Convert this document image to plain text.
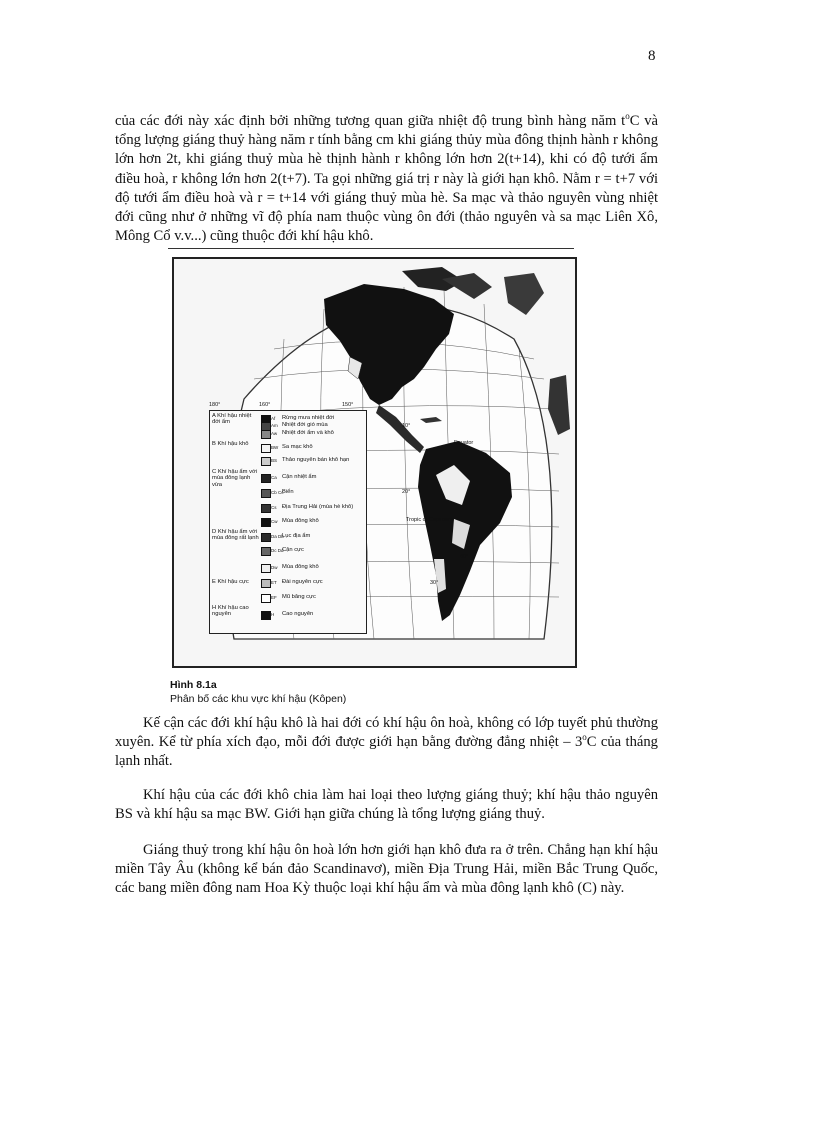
8

của các đới này xác định bởi những tương quan giữa nhiệt độ trung bình hàng năm $t^oC$ và tổng lượng giáng thuỷ hàng năm r tính bằng cm khi giáng thủy mùa đông thịnh hành r không lớn hơn 2t, khi giáng thuỷ mùa hè thịnh hành r không lớn hơn 2(t+14), khi có độ tưới ẩm điều hoà, r không lớn hơn 2(t+7). Ta gọi những giá trị r này là giới hạn khô. Nằm r = t+7 với độ tưới ẩm điều hoà và r = t+14 với giáng thuỷ mùa hè. Sa mạc và thảo nguyên vùng nhiệt đới cũng như ở những vĩ độ phía nam thuộc vùng ôn đới (thảo nguyên và sa mạc Liên Xô, Mông Cổ v.v...) cũng thuộc đới khí hậu khô.

180°	160°	150°
10°
Equator
20°
Tropic of Capricorn
30°
40°
A Khí hậu nhiệt đới ẩm
B Khí hậu khô
C Khí hậu ẩm với mùa đông lạnh vừa
D Khí hậu ẩm với mùa đông rất lạnh
E Khí hậu cực
H Khí hậu cao nguyên
Af Rừng mưa nhiệt đới
Am Nhiệt đới gió mùa
Aw Nhiệt đới ẩm và khô
BW Sa mạc khô
BS Thảo nguyên bán khô hạn
Ca Cận nhiệt ẩm
Cb Cc
Biển
Cs Địa Trung Hải (mùa hè khô)
Cw Mùa đông khô
Da Db
Lục địa ẩm
Dc Dd
Cận cực
Dw Mùa đông khô
ET Đài nguyên cực
EF Mũ băng cực
H Cao nguyên
Hình 8.1a
Phân bố các khu vực khí hậu (Kôpen)

Kế cận các đới khí hậu khô là hai đới có khí hậu ôn hoà, không có lớp tuyết phủ thường xuyên. Kể từ phía xích đạo, mỗi đới được giới hạn bằng đường đẳng nhiệt – 3$^o$C của tháng lạnh nhất.

Khí hậu của các đới khô chia làm hai loại theo lượng giáng thuỷ; khí hậu thảo nguyên BS và khí hậu sa mạc BW. Giới hạn giữa chúng là tổng lượng giáng thuỷ.

Giáng thuỷ trong khí hậu ôn hoà lớn hơn giới hạn khô đưa ra ở trên. Chẳng hạn khí hậu miền Tây Âu (không kể bán đảo Scandinavơ), miền Địa Trung Hải, miền Bắc Trung Quốc, các bang miền đông nam Hoa Kỳ thuộc loại khí hậu ẩm và mùa đông lạnh khô (C) này.
